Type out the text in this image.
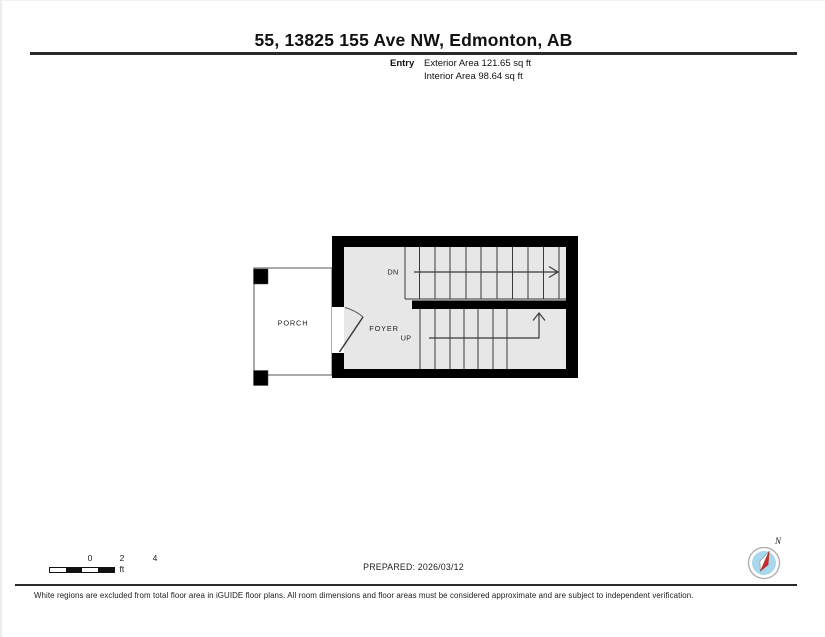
55, 13825 155 Ave NW, Edmonton, AB
Entry Exterior Area 121.65 sq ft
Interior Area 98.64 sq ft
PORCH
FOYER
DN
UP
0	2	4
ft	PREPARED: 2026/03/12
N
White regions are excluded from total floor area in iGUIDE floor plans. All room dimensions and floor areas must be considered approximate and are subject to independent verification.
